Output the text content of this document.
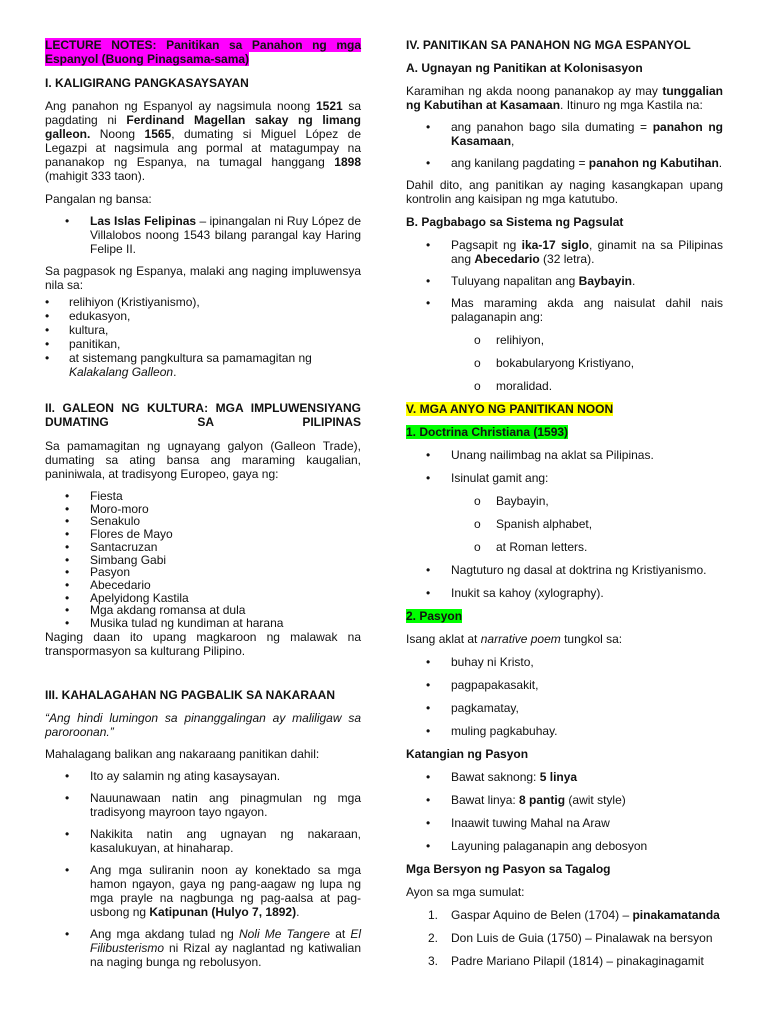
LECTURE NOTES: Panitikan sa Panahon ng mga Espanyol (Buong Pinagsama-sama)

I. KALIGIRANG PANGKASAYSAYAN

Ang panahon ng Espanyol ay nagsimula noong 1521 sa pagdating ni Ferdinand Magellan sakay ng limang galleon. Noong 1565, dumating si Miguel López de Legazpi at nagsimula ang pormal at matagumpay na pananakop ng Espanya, na tumagal hanggang 1898 (mahigit 333 taon).

Pangalan ng bansa:

• Las Islas Felipinas – ipinangalan ni Ruy López de Villalobos noong 1543 bilang parangal kay Haring Felipe II.

Sa pagpasok ng Espanya, malaki ang naging impluwensya nila sa:

• relihiyon (Kristiyanismo),
• edukasyon,
• kultura,
• panitikan,
• at sistemang pangkultura sa pamamagitan ng Kalakalang Galleon.
II. GALEON NG KULTURA: MGA IMPLUWENSIYANG DUMATING SA PILIPINAS

Sa pamamagitan ng ugnayang galyon (Galleon Trade), dumating sa ating bansa ang maraming kaugalian, paniniwala, at tradisyong Europeo, gaya ng:

• Fiesta
• Moro-moro
• Senakulo
• Flores de Mayo
• Santacruzan
• Simbang Gabi
• Pasyon
• Abecedario
• Apelyidong Kastila
• Mga akdang romansa at dula
• Musika tulad ng kundiman at harana

Naging daan ito upang magkaroon ng malawak na transpormasyon sa kulturang Pilipino.

III. KAHALAGAHAN NG PAGBALIK SA NAKARAAN

“Ang hindi lumingon sa pinanggalingan ay maliligaw sa paroroonan.”

Mahalagang balikan ang nakaraang panitikan dahil:

• Ito ay salamin ng ating kasaysayan.
• Nauunawaan natin ang pinagmulan ng mga tradisyong mayroon tayo ngayon.
• Nakikita natin ang ugnayan ng nakaraan, kasalukuyan, at hinaharap.
• Ang mga suliranin noon ay konektado sa mga hamon ngayon, gaya ng pang-aagaw ng lupa ng mga prayle na nagbunga ng pag-aalsa at pag-usbong ng Katipunan (Hulyo 7, 1892).
• Ang mga akdang tulad ng Noli Me Tangere at El Filibusterismo ni Rizal ay naglantad ng katiwalian na naging bunga ng rebolusyon.
IV. PANITIKAN SA PANAHON NG MGA ESPANYOL
A. Ugnayan ng Panitikan at Kolonisasyon

Karamihan ng akda noong pananakop ay may tunggalian ng Kabutihan at Kasamaan. Itinuro ng mga Kastila na:

• ang panahon bago sila dumating = panahon ng Kasamaan,
• ang kanilang pagdating = panahon ng Kabutihan.

Dahil dito, ang panitikan ay naging kasangkapan upang kontrolin ang kaisipan ng mga katutubo.

B. Pagbabago sa Sistema ng Pagsulat
• Pagsapit ng ika-17 siglo, ginamit na sa Pilipinas ang Abecedario (32 letra).
• Tuluyang napalitan ang Baybayin.
• Mas maraming akda ang naisulat dahil nais palaganapin ang:
o relihiyon,
o bokabularyong Kristiyano,
o moralidad.
V. MGA ANYO NG PANITIKAN NOON
1. Doctrina Christiana (1593)
• Unang nailimbag na aklat sa Pilipinas.
• Isinulat gamit ang:
o Baybayin,
o Spanish alphabet,
o at Roman letters.
• Nagtuturo ng dasal at doktrina ng Kristiyanismo.
• Inukit sa kahoy (xylography).
2. Pasyon

Isang aklat at narrative poem tungkol sa:

• buhay ni Kristo,
• pagpapakasakit,
• pagkamatay,
• muling pagkabuhay.
Katangian ng Pasyon
• Bawat saknong: 5 linya
• Bawat linya: 8 pantig (awit style)
• Inaawit tuwing Mahal na Araw
• Layuning palaganapin ang debosyon
Mga Bersyon ng Pasyon sa Tagalog

Ayon sa mga sumulat:

1. Gaspar Aquino de Belen (1704) – pinakamatanda
2. Don Luis de Guia (1750) – Pinalawak na bersyon
3. Padre Mariano Pilapil (1814) – pinakaginagamit
